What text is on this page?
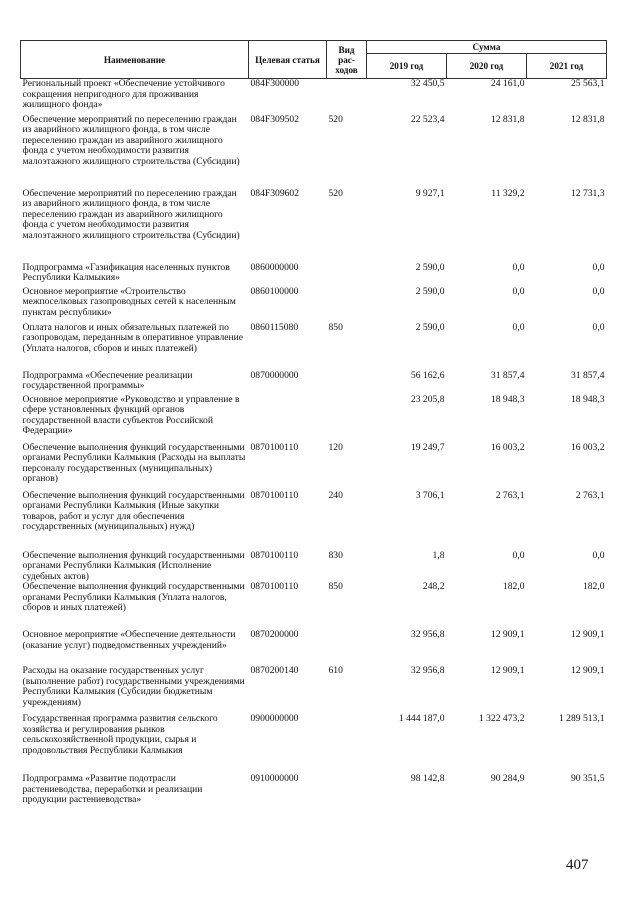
Наименование	Целевая статья	Вид рас-ходов	Сумма		
			2019 год	2020 год	2021 год
Региональный проект «Обеспечение устойчивого сокращения непригодного для проживания жилищного фонда»	084F300000		32 450,5	24 161,0	25 563,1
Обеспечение мероприятий по переселению граждан из аварийного жилищного фонда, в том числе переселению граждан из аварийного жилищного фонда с учетом необходимости развития малоэтажного жилищного строительства (Субсидии)	084F309502	520	22 523,4	12 831,8	12 831,8
Обеспечение мероприятий по переселению граждан из аварийного жилищного фонда, в том числе переселению граждан из аварийного жилищного фонда с учетом необходимости развития малоэтажного жилищного строительства (Субсидии)	084F309602	520	9 927,1	11 329,2	12 731,3
Подпрограмма «Газификация населенных пунктов Республики Калмыкия»	0860000000		2 590,0	0,0	0,0
Основное мероприятие «Строительство межпоселковых газопроводных сетей к населенным пунктам республики»	0860100000		2 590,0	0,0	0,0
Оплата налогов и иных обязательных платежей по газопроводам, переданным в оперативное управление (Уплата налогов, сборов и иных платежей)	0860115080	850	2 590,0	0,0	0,0
Подпрограмма «Обеспечение реализации государственной программы»	0870000000		56 162,6	31 857,4	31 857,4
Основное мероприятие «Руководство и управление в сфере установленных функций органов государственной власти субъектов Российской Федерации»			23 205,8	18 948,3	18 948,3
Обеспечение выполнения функций государственными органами Республики Калмыкия (Расходы на выплаты персоналу государственных (муниципальных) органов)	0870100110	120	19 249,7	16 003,2	16 003,2
Обеспечение выполнения функций государственными органами Республики Калмыкия (Иные закупки товаров, работ и услуг для обеспечения государственных (муниципальных) нужд)	0870100110	240	3 706,1	2 763,1	2 763,1
Обеспечение выполнения функций государственными органами Республики Калмыкия (Исполнение судебных актов)	0870100110	830	1,8	0,0	0,0
Обеспечение выполнения функций государственными органами Республики Калмыкия (Уплата налогов, сборов и иных платежей)	0870100110	850	248,2	182,0	182,0
Основное мероприятие «Обеспечение деятельности (оказание услуг) подведомственных учреждений»	0870200000		32 956,8	12 909,1	12 909,1
Расходы на оказание государственных услуг (выполнение работ) государственными учреждениями Республики Калмыкия (Субсидии бюджетным учреждениям)	0870200140	610	32 956,8	12 909,1	12 909,1
Государственная программа развития сельского хозяйства и регулирования рынков сельскохозяйственной продукции, сырья и продовольствия Республики Калмыкия	0900000000		1 444 187,0	1 322 473,2	1 289 513,1
Подпрограмма «Развитие подотрасли растениеводства, переработки и реализации продукции растениеводства»	0910000000		98 142,8	90 284,9	90 351,5
407
